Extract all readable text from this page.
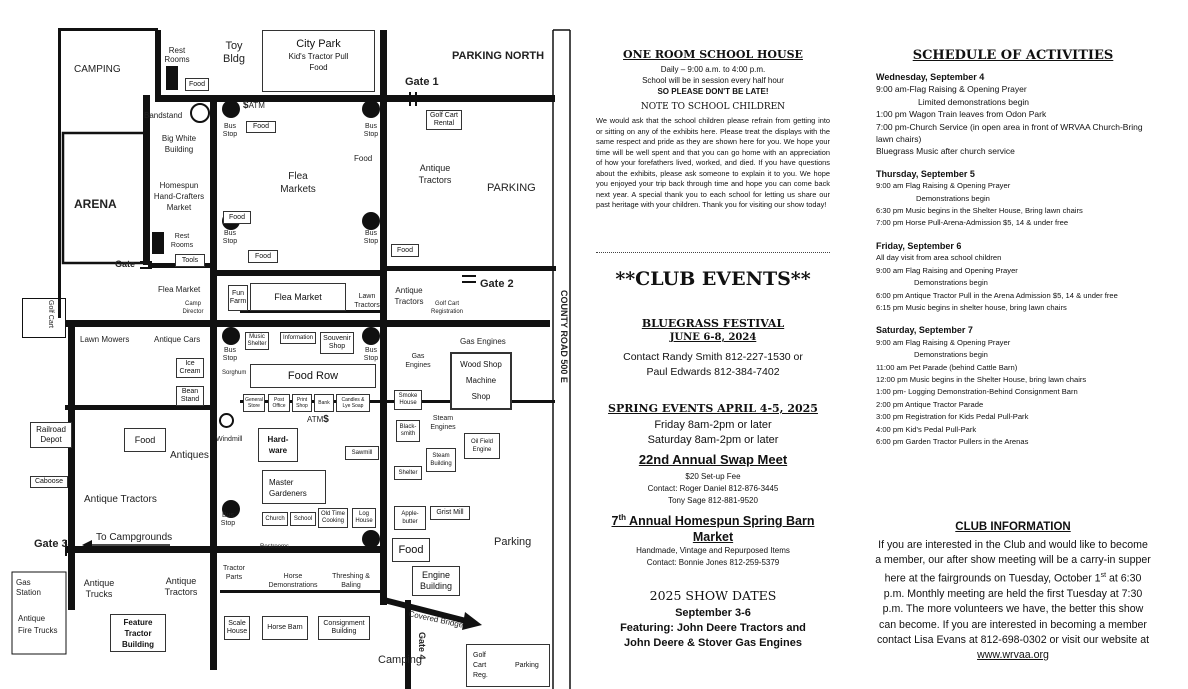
CAMPING
Rest Rooms
Food
Toy Bldg
City Park
Kid's Tractor Pull
Food
PARKING NORTH
Gate 1
Bandstand
$ATM
Food
Bus Stop
Bus Stop
Golf Cart Rental
Big White Building
Homespun Hand-Crafters Market
Flea Markets
Food
Antique Tractors
PARKING
ARENA
Food
Bus Stop
Bus Stop
Food
Rest Rooms
Tools
Food
Gate
Gate 2
Flea Market
Camp Director
Fun Farm	Flea Market	Lawn Tractors
Antique Tractors	Golf Cart Registration	COUNTY ROAD 500 E
Golf Cart
Lawn Mowers	Antique Cars	Music Shelter
Information	Souvenir Shop
Bus Stop
Bus Stop
Gas Engines
Gas Engines
Ice Cream
Bean Stand
Sorghum	Food Row
Wood Shop Machine Shop
General Store
Post Office
Print Shop	Bank	Candles & Lye Soap
Smoke House
Railroad Depot	Food
Antiques
Windmill	Hard-ware
ATM$
Black-smith
Steam Engines
Oil Field Engine
Steam Building
Sawmill
Shelter
Caboose	Master Gardeners
Antique Tractors
Church	School
Old Time Cooking
Log House
Bus Stop
Apple-butter
Grist Mill
Gate 3
To Campgrounds
Restrooms	Food
Parking
Gas Station
Antique Fire Trucks
Antique Trucks
Antique Tractors
Tractor Parts	Horse Demonstrations
Threshing & Baling
Engine Building
Feature Tractor Building
Scale House
Horse Barn
Consignment Building
Covered Bridge
Gate 4
Camping	Golf Cart Reg.
Parking
ONE ROOM SCHOOL HOUSE
Daily – 9:00 a.m. to 4:00 p.m.
School will be in session every half hour
SO PLEASE DON'T BE LATE!
NOTE TO SCHOOL CHILDREN
We would ask that the school children please refrain from getting into or sitting on any of the exhibits here. Please treat the displays with the same respect and pride as they are shown here for you. We hope your time will be well spent and that you can go home with an appreciation of how your forefathers lived, worked, and died. If you have questions about the exhibits, please ask someone to explain it to you. We hope you enjoyed your trip back through time and hope you can come back next year. A special thank you to each school for letting us share our past heritage with your children. Thank you for visiting our show today!
**CLUB EVENTS**
BLUEGRASS FESTIVAL
JUNE 6-8, 2024
Contact Randy Smith 812-227-1530 or
Paul Edwards 812-384-7402
SPRING EVENTS APRIL 4-5, 2025
Friday 8am-2pm or later
Saturday 8am-2pm or later
22nd Annual Swap Meet
$20 Set-up Fee
Contact: Roger Daniel 812-876-3445
Tony Sage 812-881-9520
7th Annual Homespun Spring Barn
Market
Handmade, Vintage and Repurposed Items
Contact: Bonnie Jones 812-259-5379
2025 SHOW DATES
September 3-6
Featuring: John Deere Tractors and
John Deere & Stover Gas Engines
SCHEDULE OF ACTIVITIES

Wednesday, September 4

9:00 am-Flag Raising & Opening Prayer

Limited demonstrations begin

1:00 pm Wagon Train leaves from Odon Park

7:00 pm-Church Service (in open area in front of WRVAA Church-Bring lawn chairs)

Bluegrass Music after church service

Thursday, September 5

9:00 am Flag Raising & Opening Prayer

Demonstrations begin

6:30 pm Music begins in the Shelter House, Bring lawn chairs

7:00 pm Horse Pull-Arena-Admission $5, 14 & under free

Friday, September 6

All day visit from area school children

9:00 am Flag Raising and Opening Prayer

Demonstrations begin

6:00 pm Antique Tractor Pull in the Arena Admission $5, 14 & under free

6:15 pm Music begins in shelter house, bring lawn chairs

Saturday, September 7

9:00 am Flag Raising & Opening Prayer

Demonstrations begin

11:00 am Pet Parade (behind Cattle Barn)

12:00 pm Music begins in the Shelter House, bring lawn chairs

1:00 pm- Logging Demonstration-Behind Consignment Barn

2:00 pm Antique Tractor Parade

3:00 pm Registration for Kids Pedal Pull-Park

4:00 pm Kid's Pedal Pull-Park

6:00 pm Garden Tractor Pullers in the Arenas

CLUB INFORMATION
If you are interested in the Club and would like to become a member, our after show meeting will be a carry-in supper here at the fairgrounds on Tuesday, October 1st at 6:30 p.m. Monthly meeting are held the first Tuesday at 7:30 p.m. The more volunteers we have, the better this show can become. If you are interested in becoming a member contact Lisa Evans at 812-698-0302 or visit our website at
www.wrvaa.org
